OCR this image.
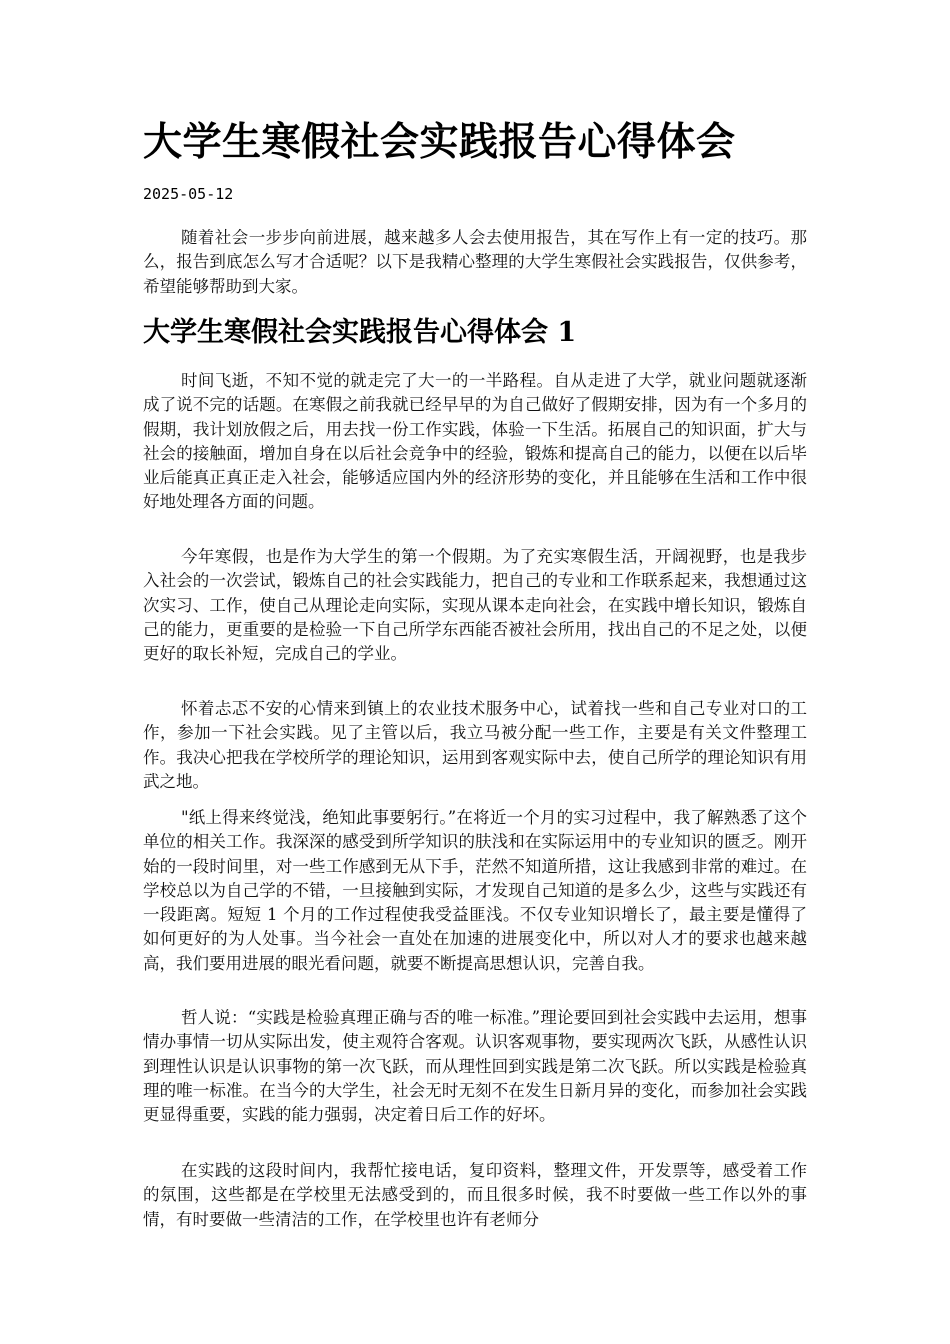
大学生寒假社会实践报告心得体会
2025-05-12

随着社会一步步向前进展，越来越多人会去使用报告，其在写作上有一定的技巧。那么，报告到底怎么写才合适呢？以下是我精心整理的大学生寒假社会实践报告，仅供参考，希望能够帮助到大家。

大学生寒假社会实践报告心得体会 1

时间飞逝，不知不觉的就走完了大一的一半路程。自从走进了大学，就业问题就逐渐成了说不完的话题。在寒假之前我就已经早早的为自己做好了假期安排，因为有一个多月的假期，我计划放假之后，用去找一份工作实践，体验一下生活。拓展自己的知识面，扩大与社会的接触面，增加自身在以后社会竞争中的经验，锻炼和提高自己的能力，以便在以后毕业后能真正真正走入社会，能够适应国内外的经济形势的变化，并且能够在生活和工作中很好地处理各方面的问题。

今年寒假，也是作为大学生的第一个假期。为了充实寒假生活，开阔视野，也是我步入社会的一次尝试，锻炼自己的社会实践能力，把自己的专业和工作联系起来，我想通过这次实习、工作，使自己从理论走向实际，实现从课本走向社会，在实践中增长知识，锻炼自己的能力，更重要的是检验一下自己所学东西能否被社会所用，找出自己的不足之处，以便更好的取长补短，完成自己的学业。

怀着忐忑不安的心情来到镇上的农业技术服务中心，试着找一些和自己专业对口的工作，参加一下社会实践。见了主管以后，我立马被分配一些工作，主要是有关文件整理工作。我决心把我在学校所学的理论知识，运用到客观实际中去，使自己所学的理论知识有用武之地。

"纸上得来终觉浅，绝知此事要躬行。”在将近一个月的实习过程中，我了解熟悉了这个单位的相关工作。我深深的感受到所学知识的肤浅和在实际运用中的专业知识的匮乏。刚开始的一段时间里，对一些工作感到无从下手，茫然不知道所措，这让我感到非常的难过。在学校总以为自己学的不错，一旦接触到实际，才发现自己知道的是多么少，这些与实践还有一段距离。短短 1 个月的工作过程使我受益匪浅。不仅专业知识增长了，最主要是懂得了如何更好的为人处事。当今社会一直处在加速的进展变化中，所以对人才的要求也越来越高，我们要用进展的眼光看问题，就要不断提高思想认识，完善自我。

哲人说：“实践是检验真理正确与否的唯一标准。”理论要回到社会实践中去运用，想事情办事情一切从实际出发，使主观符合客观。认识客观事物，要实现两次飞跃，从感性认识到理性认识是认识事物的第一次飞跃，而从理性回到实践是第二次飞跃。所以实践是检验真理的唯一标准。在当今的大学生，社会无时无刻不在发生日新月异的变化，而参加社会实践更显得重要，实践的能力强弱，决定着日后工作的好坏。

在实践的这段时间内，我帮忙接电话，复印资料，整理文件，开发票等，感受着工作的氛围，这些都是在学校里无法感受到的，而且很多时候，我不时要做一些工作以外的事情，有时要做一些清洁的工作，在学校里也许有老师分
